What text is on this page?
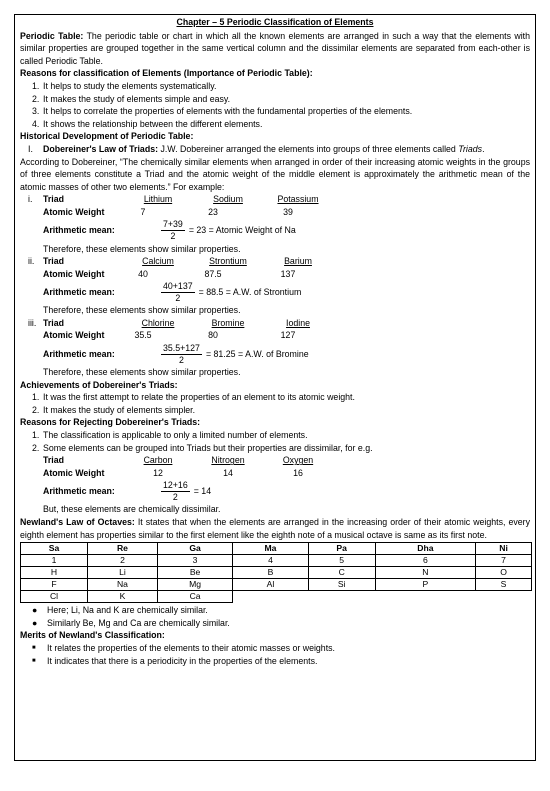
Chapter – 5 Periodic Classification of Elements

Periodic Table: The periodic table or chart in which all the known elements are arranged in such a way that the elements with similar properties are grouped together in the same vertical column and the dissimilar elements are separated from each-other is called Periodic Table.

Reasons for classification of Elements (Importance of Periodic Table):
1. It helps to study the elements systematically.
2. It makes the study of elements simple and easy.
3. It helps to correlate the properties of elements with the fundamental properties of the elements.
4. It shows the relationship between the different elements.
Historical Development of Periodic Table:
I. Dobereiner's Law of Triads: J.W. Dobereiner arranged the elements into groups of three elements called Triads.

According to Dobereiner, “The chemically similar elements when arranged in order of their increasing atomic weights in the groups of three elements constitute a Triad and the atomic weight of the middle element is approximately the arithmetic mean of the atomic masses of other two elements.” For example:

i. Triad	Lithium	Sodium	Potassium
Atomic Weight	7	23	39
Arithmetic mean:	$\frac{7+39}{2} = 23$ = Atomic Weight of Na
Therefore, these elements show similar properties.
ii. Triad	Calcium	Strontium	Barium
Atomic Weight	40	87.5	137
Arithmetic mean:	$\frac{40+137}{2} = 88.5 = A.W$. of Strontium
Therefore, these elements show similar properties.
iii. Triad	Chlorine	Bromine	Iodine
Atomic Weight	35.5	80	127
Arithmetic mean:	$\frac{35.5+127}{2} = 81.25 = A.W$. of Bromine
Therefore, these elements show similar properties.
Achievements of Dobereiner's Triads:
1. It was the first attempt to relate the properties of an element to its atomic weight.
2. It makes the study of elements simpler.
Reasons for Rejecting Dobereiner's Triads:
1. The classification is applicable to only a limited number of elements.
2. Some elements can be grouped into Triads but their properties are dissimilar, for e.g.
Triad	Carbon	Nitrogen	Oxygen
Atomic Weight	12	14	16
Arithmetic mean:	$\frac{12+16}{2} = 14$
But, these elements are chemically dissimilar.

Newland's Law of Octaves: It states that when the elements are arranged in the increasing order of their atomic weights, every eighth element has properties similar to the first element like the eighth note of a musical octave is same as its first note.

Sa	Re	Ga	Ma	Pa	Dha	Ni
1	2	3	4	5	6	7
H	Li	Be	B	C	N	O
F	Na	Mg	Al	Si	P	S
Cl	K	Ca				
● Here; Li, Na and K are chemically similar.
● Similarly Be, Mg and Ca are chemically similar.
Merits of Newland's Classification:
■ It relates the properties of the elements to their atomic masses or weights.
■ It indicates that there is a periodicity in the properties of the elements.
